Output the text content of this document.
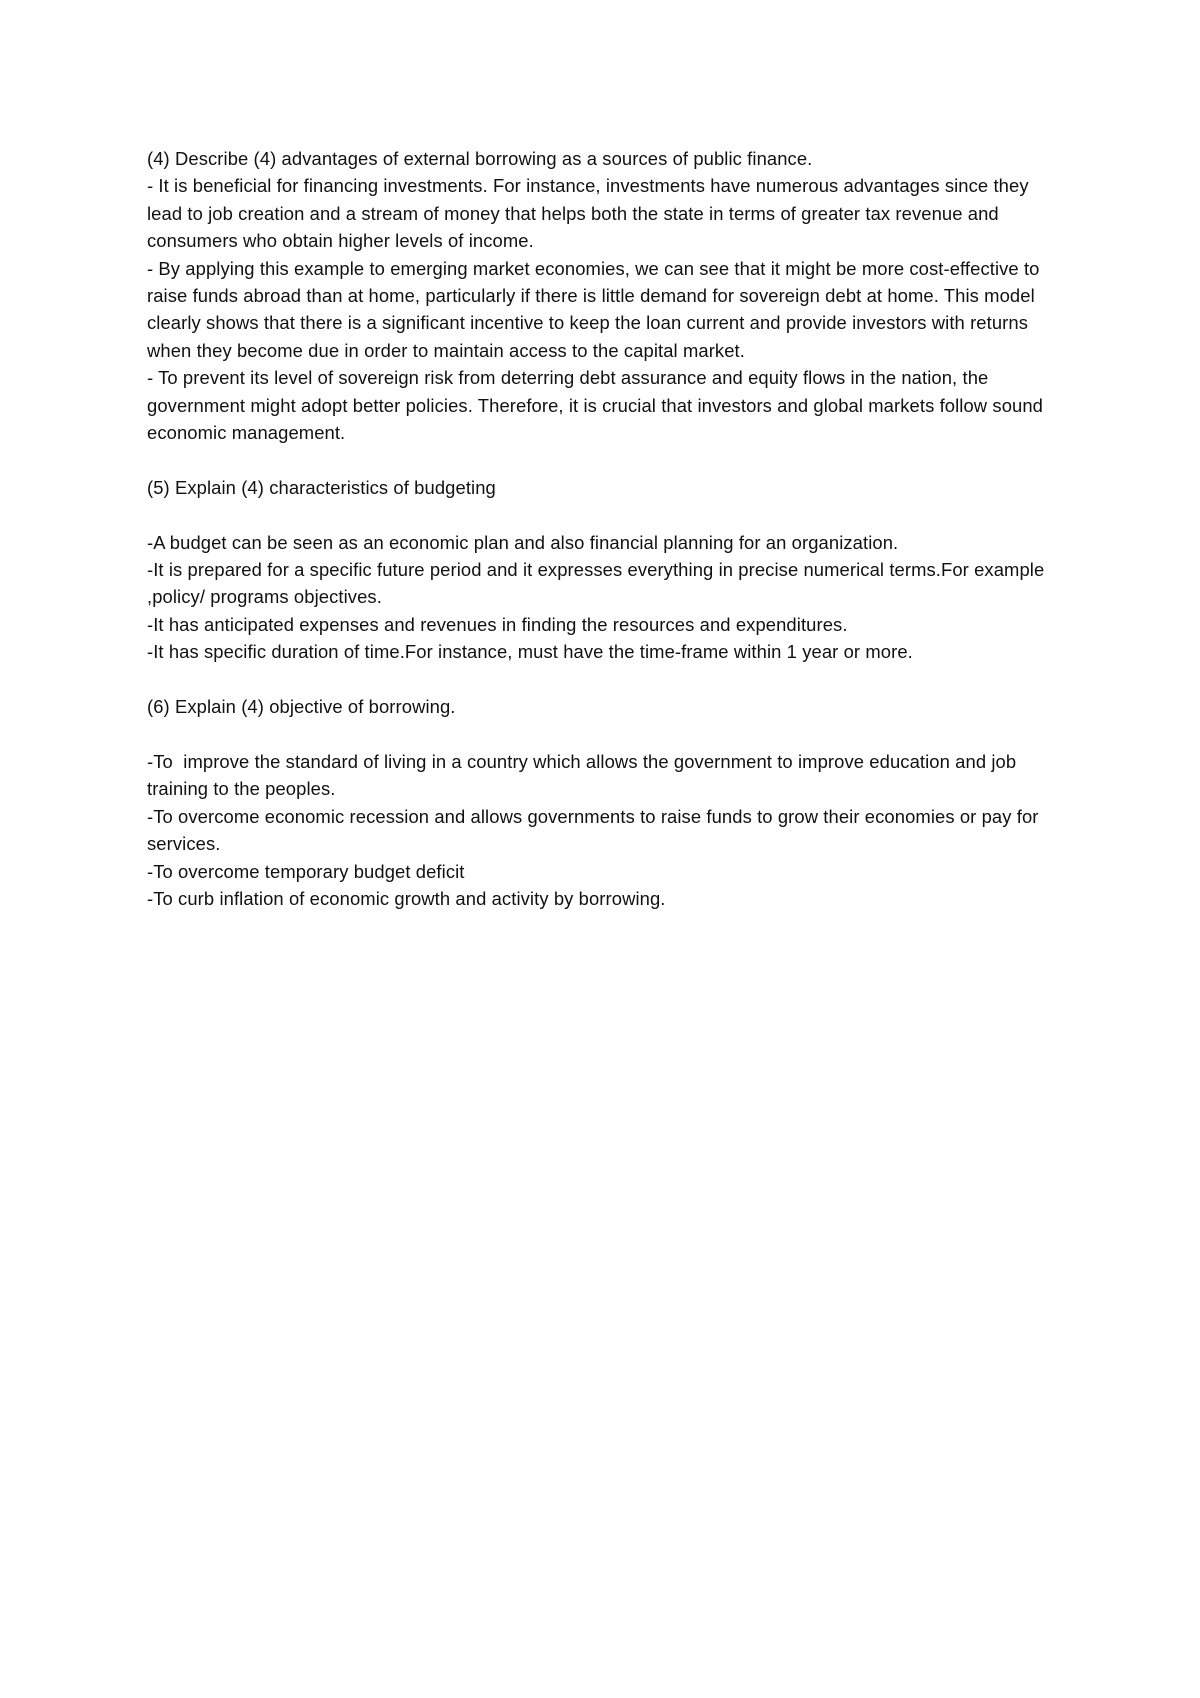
(4) Describe (4) advantages of external borrowing as a sources of public finance.
- It is beneficial for financing investments. For instance, investments have numerous advantages since they lead to job creation and a stream of money that helps both the state in terms of greater tax revenue and consumers who obtain higher levels of income.
- By applying this example to emerging market economies, we can see that it might be more cost-effective to raise funds abroad than at home, particularly if there is little demand for sovereign debt at home. This model clearly shows that there is a significant incentive to keep the loan current and provide investors with returns when they become due in order to maintain access to the capital market.
- To prevent its level of sovereign risk from deterring debt assurance and equity flows in the nation, the government might adopt better policies. Therefore, it is crucial that investors and global markets follow sound economic management.
(5) Explain (4) characteristics of budgeting
-A budget can be seen as an economic plan and also financial planning for an organization.
-It is prepared for a specific future period and it expresses everything in precise numerical terms.For example ,policy/ programs objectives.
-It has anticipated expenses and revenues in finding the resources and expenditures.
-It has specific duration of time.For instance, must have the time-frame within 1 year or more.
(6) Explain (4) objective of borrowing.
-To  improve the standard of living in a country which allows the government to improve education and job training to the peoples.
-To overcome economic recession and allows governments to raise funds to grow their economies or pay for services.
-To overcome temporary budget deficit
-To curb inflation of economic growth and activity by borrowing.
